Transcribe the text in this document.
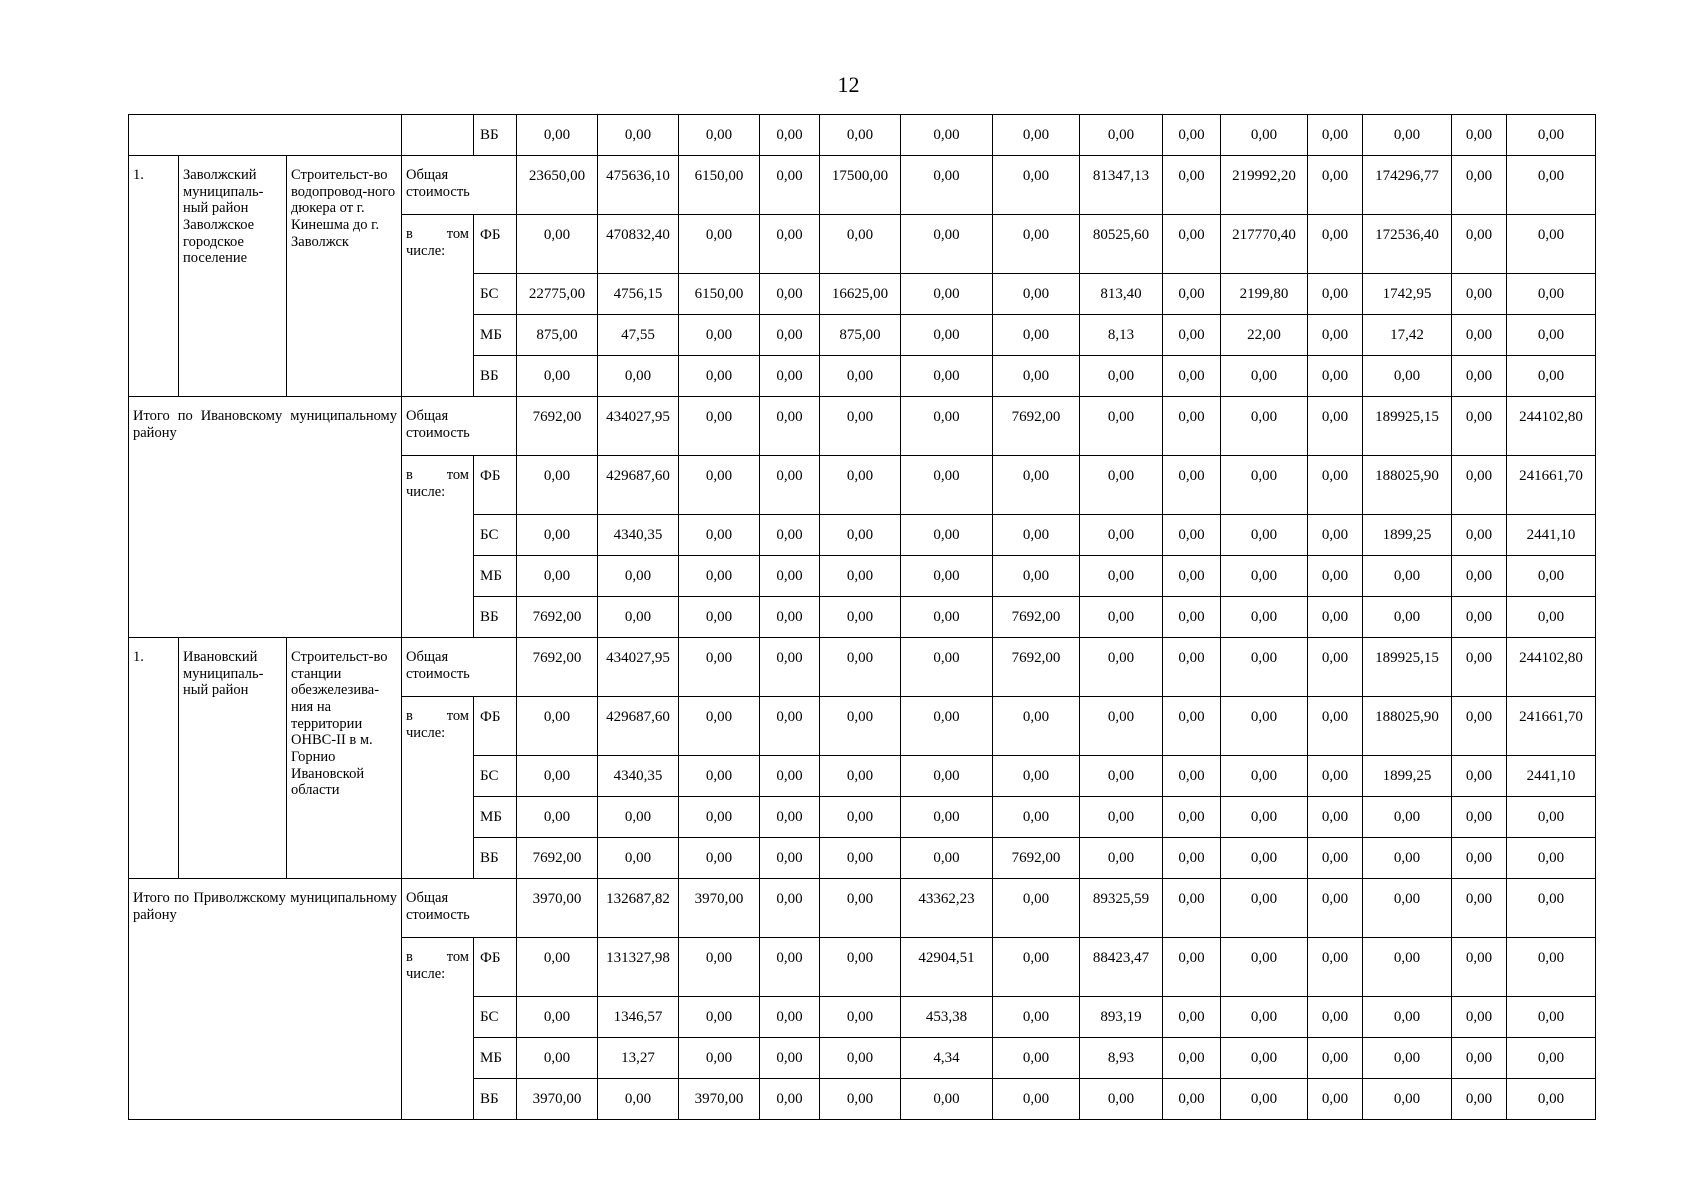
12
				ВБ	0,00	0,00	0,00	0,00	0,00	0,00	0,00	0,00	0,00	0,00	0,00	0,00	0,00	0,00
1.	Заволжский муниципаль-ный район Заволжское городское поселение	Строительст-во водопровод-ного дюкера от г. Кинешма до г. Заволжск	Общая стоимость		23650,00	475636,10	6150,00	0,00	17500,00	0,00	0,00	81347,13	0,00	219992,20	0,00	174296,77	0,00	0,00
			в том числе:	ФБ	0,00	470832,40	0,00	0,00	0,00	0,00	0,00	80525,60	0,00	217770,40	0,00	172536,40	0,00	0,00
				БС	22775,00	4756,15	6150,00	0,00	16625,00	0,00	0,00	813,40	0,00	2199,80	0,00	1742,95	0,00	0,00
				МБ	875,00	47,55	0,00	0,00	875,00	0,00	0,00	8,13	0,00	22,00	0,00	17,42	0,00	0,00
				ВБ	0,00	0,00	0,00	0,00	0,00	0,00	0,00	0,00	0,00	0,00	0,00	0,00	0,00	0,00
Итого по Ивановскому муниципальному району			Общая стоимость		7692,00	434027,95	0,00	0,00	0,00	0,00	7692,00	0,00	0,00	0,00	0,00	189925,15	0,00	244102,80
			в том числе:	ФБ	0,00	429687,60	0,00	0,00	0,00	0,00	0,00	0,00	0,00	0,00	0,00	188025,90	0,00	241661,70
				БС	0,00	4340,35	0,00	0,00	0,00	0,00	0,00	0,00	0,00	0,00	0,00	1899,25	0,00	2441,10
				МБ	0,00	0,00	0,00	0,00	0,00	0,00	0,00	0,00	0,00	0,00	0,00	0,00	0,00	0,00
				ВБ	7692,00	0,00	0,00	0,00	0,00	0,00	7692,00	0,00	0,00	0,00	0,00	0,00	0,00	0,00
1.	Ивановский муниципаль-ный район	Строительст-во станции обезжелезива-ния на территории ОНВС-II в м. Горнио Ивановской области	Общая стоимость		7692,00	434027,95	0,00	0,00	0,00	0,00	7692,00	0,00	0,00	0,00	0,00	189925,15	0,00	244102,80
			в том числе:	ФБ	0,00	429687,60	0,00	0,00	0,00	0,00	0,00	0,00	0,00	0,00	0,00	188025,90	0,00	241661,70
				БС	0,00	4340,35	0,00	0,00	0,00	0,00	0,00	0,00	0,00	0,00	0,00	1899,25	0,00	2441,10
				МБ	0,00	0,00	0,00	0,00	0,00	0,00	0,00	0,00	0,00	0,00	0,00	0,00	0,00	0,00
				ВБ	7692,00	0,00	0,00	0,00	0,00	0,00	7692,00	0,00	0,00	0,00	0,00	0,00	0,00	0,00
Итого по Приволжскому муниципальному району			Общая стоимость		3970,00	132687,82	3970,00	0,00	0,00	43362,23	0,00	89325,59	0,00	0,00	0,00	0,00	0,00	0,00
			в том числе:	ФБ	0,00	131327,98	0,00	0,00	0,00	42904,51	0,00	88423,47	0,00	0,00	0,00	0,00	0,00	0,00
				БС	0,00	1346,57	0,00	0,00	0,00	453,38	0,00	893,19	0,00	0,00	0,00	0,00	0,00	0,00
				МБ	0,00	13,27	0,00	0,00	0,00	4,34	0,00	8,93	0,00	0,00	0,00	0,00	0,00	0,00
				ВБ	3970,00	0,00	3970,00	0,00	0,00	0,00	0,00	0,00	0,00	0,00	0,00	0,00	0,00	0,00
